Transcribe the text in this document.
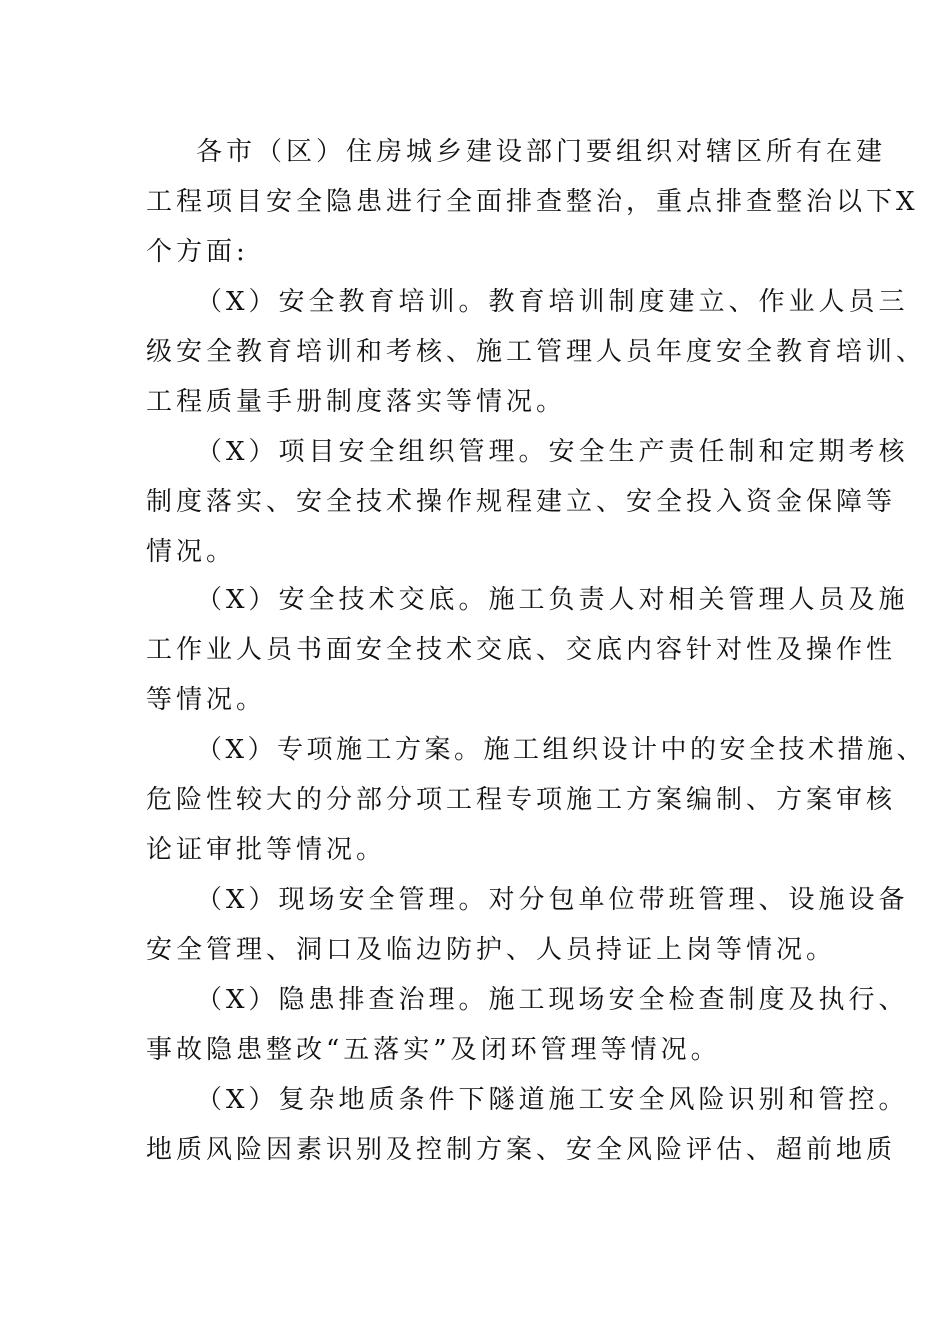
各市（区）住房城乡建设部门要组织对辖区所有在建
工程项目安全隐患进行全面排查整治，重点排查整治以下X
个方面:
（X）安全教育培训。教育培训制度建立、作业人员三
级安全教育培训和考核、施工管理人员年度安全教育培训、
工程质量手册制度落实等情况。
（X）项目安全组织管理。安全生产责任制和定期考核
制度落实、安全技术操作规程建立、安全投入资金保障等
情况。
（X）安全技术交底。施工负责人对相关管理人员及施
工作业人员书面安全技术交底、交底内容针对性及操作性
等情况。
（X）专项施工方案。施工组织设计中的安全技术措施、
危险性较大的分部分项工程专项施工方案编制、方案审核
论证审批等情况。
（X）现场安全管理。对分包单位带班管理、设施设备
安全管理、洞口及临边防护、人员持证上岗等情况。
（X）隐患排查治理。施工现场安全检查制度及执行、
事故隐患整改“五落实”及闭环管理等情况。
（X）复杂地质条件下隧道施工安全风险识别和管控。
地质风险因素识别及控制方案、安全风险评估、超前地质
